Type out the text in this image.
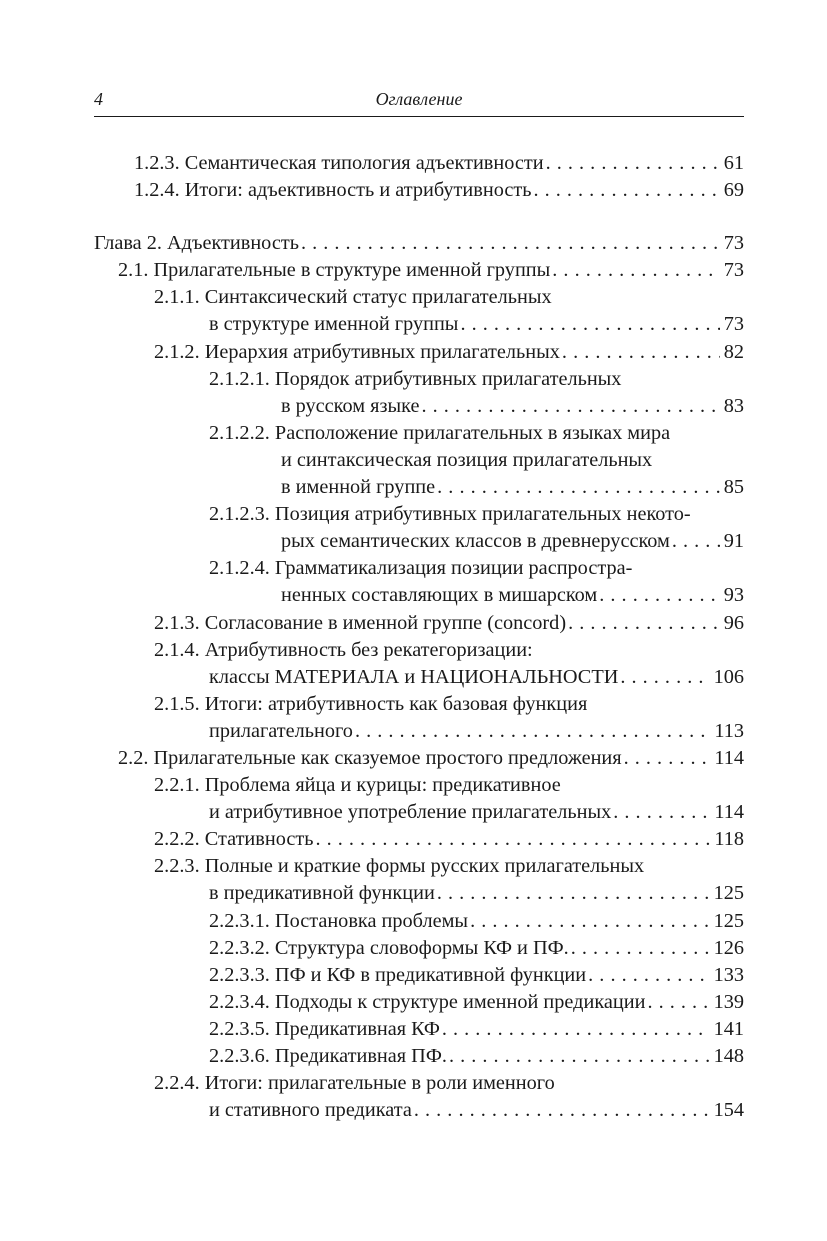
4	Оглавление
1.2.3. Семантическая типология адъективности . . .	61
1.2.4. Итоги: адъективность и атрибутивность . . .	69
Глава 2. Адъективность . . .	73
2.1. Прилагательные в структуре именной группы . . .	73
2.1.1. Синтаксический статус прилагательных
в структуре именной группы . . .	73
2.1.2. Иерархия атрибутивных прилагательных . . .	82
2.1.2.1. Порядок атрибутивных прилагательных
в русском языке . . .	83
2.1.2.2. Расположение прилагательных в языках мира
и синтаксическая позиция прилагательных
в именной группе . . .	85
2.1.2.3. Позиция атрибутивных прилагательных некото-
рых семантических классов в древнерусском . . .	91
2.1.2.4. Грамматикализация позиции распростра-
ненных составляющих в мишарском . . .	93
2.1.3. Согласование в именной группе (concord) . . .	96
2.1.4. Атрибутивность без рекатегоризации:
классы МАТЕРИАЛА и НАЦИОНАЛЬНОСТИ . . .	106
2.1.5. Итоги: атрибутивность как базовая функция
прилагательного . . .	113
2.2. Прилагательные как сказуемое простого предложения . . .	114
2.2.1. Проблема яйца и курицы: предикативное
и атрибутивное употребление прилагательных . . .	114
2.2.2. Стативность . . .	118
2.2.3. Полные и краткие формы русских прилагательных
в предикативной функции . . .	125
2.2.3.1. Постановка проблемы . . .	125
2.2.3.2. Структура словоформы КФ и ПФ. . . .	126
2.2.3.3. ПФ и КФ в предикативной функции . . .	133
2.2.3.4. Подходы к структуре именной предикации . . .	139
2.2.3.5. Предикативная КФ . . .	141
2.2.3.6. Предикативная ПФ. . . .	148
2.2.4. Итоги: прилагательные в роли именного
и стативного предиката . . .	154
